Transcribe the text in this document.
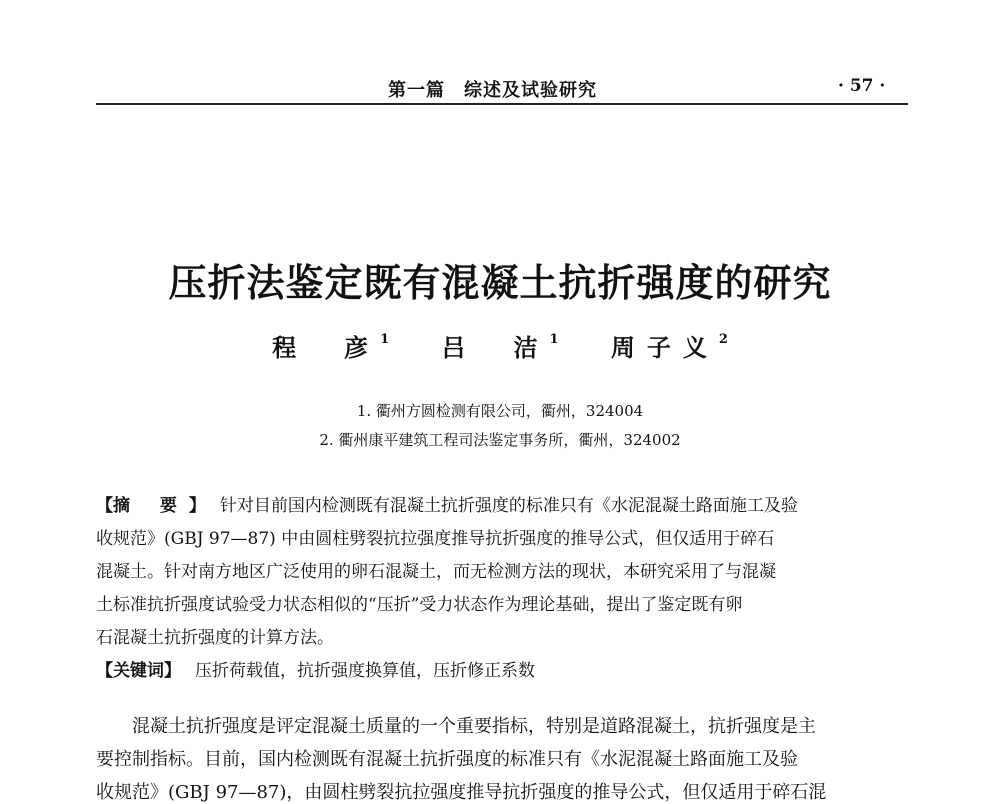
第一篇　综述及试验研究	· 57 ·
压折法鉴定既有混凝土抗折强度的研究
程　彦$^1$ 吕　洁$^1$ 周子义$^2$
1. 衢州方圆检测有限公司，衢州，324004
2. 衢州康平建筑工程司法鉴定事务所，衢州，324002
【摘 要】 针对目前国内检测既有混凝土抗折强度的标准只有《水泥混凝土路面施工及验
收规范》(GBJ 97—87) 中由圆柱劈裂抗拉强度推导抗折强度的推导公式，但仅适用于碎石
混凝土。针对南方地区广泛使用的卵石混凝土，而无检测方法的现状，本研究采用了与混凝
土标准抗折强度试验受力状态相似的“压折”受力状态作为理论基础，提出了鉴定既有卵
石混凝土抗折强度的计算方法。
【关键词】 压折荷载值，抗折强度换算值，压折修正系数
混凝土抗折强度是评定混凝土质量的一个重要指标，特别是道路混凝土，抗折强度是主
要控制指标。目前，国内检测既有混凝土抗折强度的标准只有《水泥混凝土路面施工及验
收规范》(GBJ 97—87)，由圆柱劈裂抗拉强度推导抗折强度的推导公式，但仅适用于碎石混
